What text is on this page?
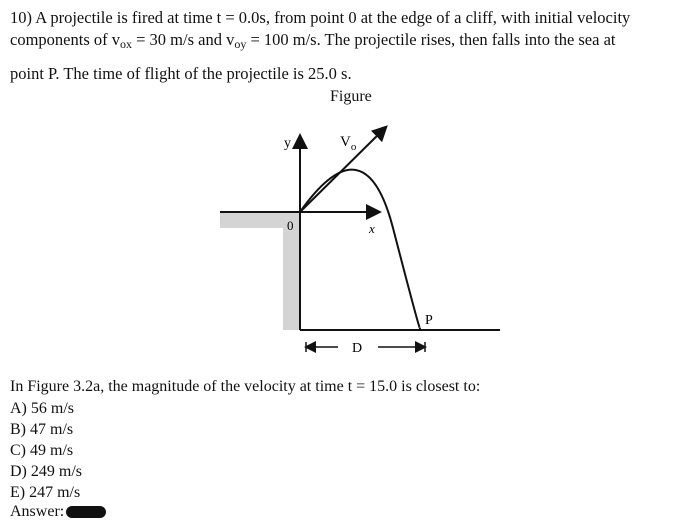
10) A projectile is fired at time t = 0.0s, from point 0 at the edge of a cliff, with initial velocity
components of $v_{ox} = 30$ m/s and $v_{oy} = 100$ m/s. The projectile rises, then falls into the sea at
point P. The time of flight of the projectile is 25.0 s.
Figure
y	$V_o$
0	x
P
D
In Figure 3.2a, the magnitude of the velocity at time t = 15.0 is closest to:
A) 56 m/s
B) 47 m/s
C) 49 m/s
D) 249 m/s
E) 247 m/s
Answer:
